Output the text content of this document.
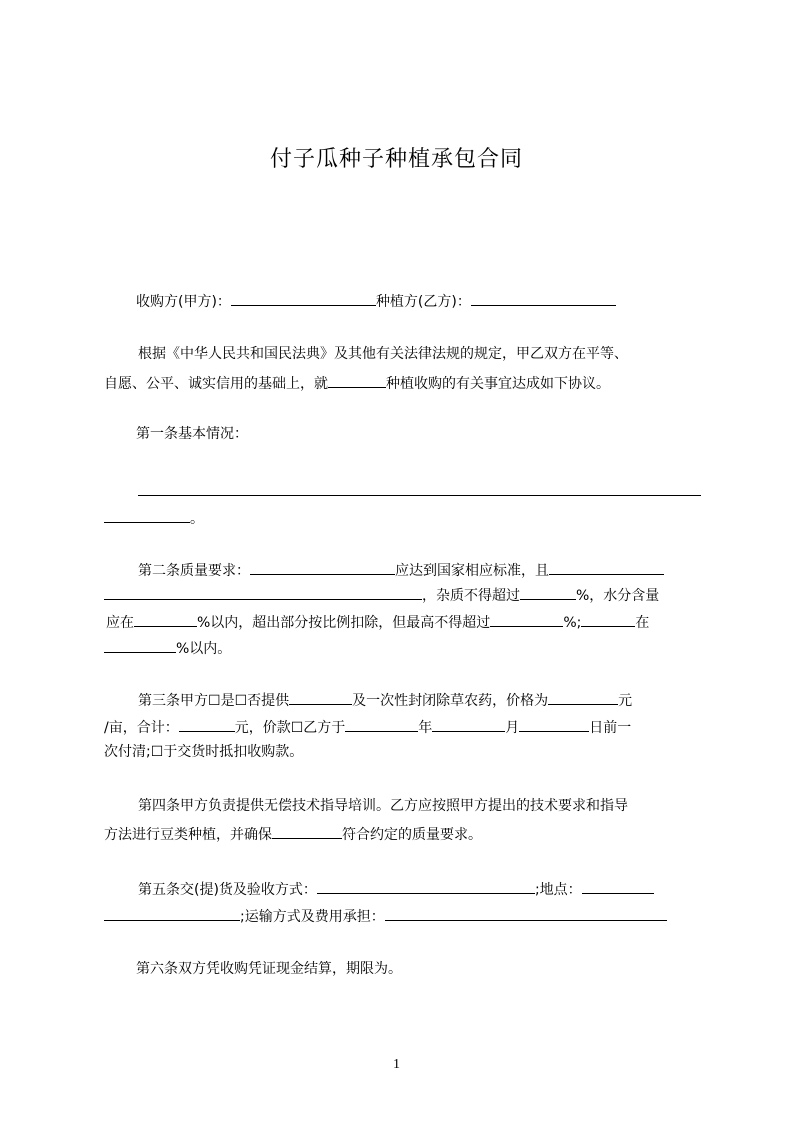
付子瓜种子种植承包合同
收购方(甲方)：	种植方(乙方)：
根据《中华人民共和国民法典》及其他有关法律法规的规定，甲乙双方在平等、
自愿、公平、诚实信用的基础上，就	种植收购的有关事宜达成如下协议。
第一条基本情况：
。
第二条质量要求：	应达到国家相应标准，且
，杂质不得超过	%，水分含量
应在	%以内，超出部分按比例扣除，但最高不得超过	%;	在
%以内。
第三条甲方☐是☐否提供	及一次性封闭除草农药，价格为	元
/亩，合计：	元，价款☐乙方于	年	月	日前一
次付清;☐于交货时抵扣收购款。
第四条甲方负责提供无偿技术指导培训。乙方应按照甲方提出的技术要求和指导
方法进行豆类种植，并确保	符合约定的质量要求。
第五条交(提)货及验收方式：	;地点：
;运输方式及费用承担：
第六条双方凭收购凭证现金结算，期限为。
1
